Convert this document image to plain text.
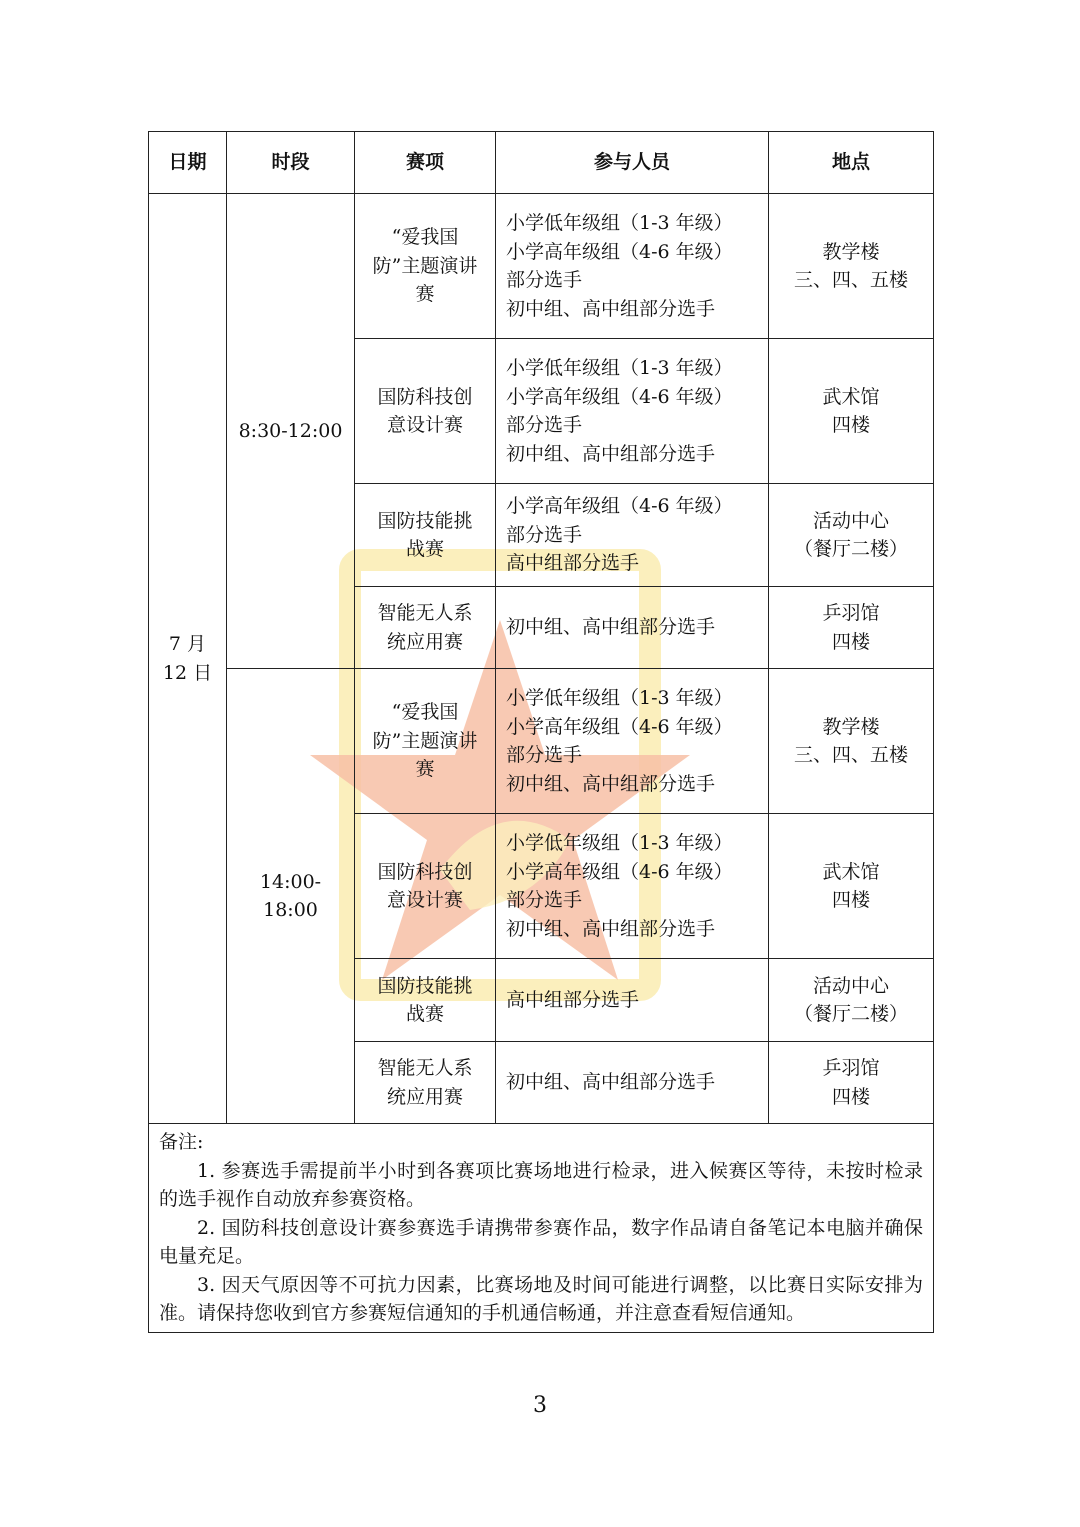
日期	时段	赛项	参与人员	地点

7 月
12 日	8:30-12:00	“爱我国防”主题演讲赛	小学低年级组（1-3 年级）
小学高年级组（4-6 年级）
部分选手
初中组、高中组部分选手	教学楼
三、四、五楼

		国防科技创意设计赛	小学低年级组（1-3 年级）
小学高年级组（4-6 年级）
部分选手
初中组、高中组部分选手	武术馆
四楼

		国防技能挑战赛	小学高年级组（4-6 年级）
部分选手
高中组部分选手	活动中心
（餐厅二楼）

		智能无人系统应用赛	初中组、高中组部分选手	乒羽馆
四楼

	14:00-18:00	“爱我国防”主题演讲赛	小学低年级组（1-3 年级）
小学高年级组（4-6 年级）
部分选手
初中组、高中组部分选手	教学楼
三、四、五楼

		国防科技创意设计赛	小学低年级组（1-3 年级）
小学高年级组（4-6 年级）
部分选手
初中组、高中组部分选手	武术馆
四楼

		国防技能挑战赛	高中组部分选手	活动中心
（餐厅二楼）

		智能无人系统应用赛	初中组、高中组部分选手	乒羽馆
四楼

备注:

1. 参赛选手需提前半小时到各赛项比赛场地进行检录，进入候赛区等待，未按时检录的选手视作自动放弃参赛资格。

2. 国防科技创意设计赛参赛选手请携带参赛作品，数字作品请自备笔记本电脑并确保电量充足。

3. 因天气原因等不可抗力因素，比赛场地及时间可能进行调整，以比赛日实际安排为准。请保持您收到官方参赛短信通知的手机通信畅通，并注意查看短信通知。				

3
